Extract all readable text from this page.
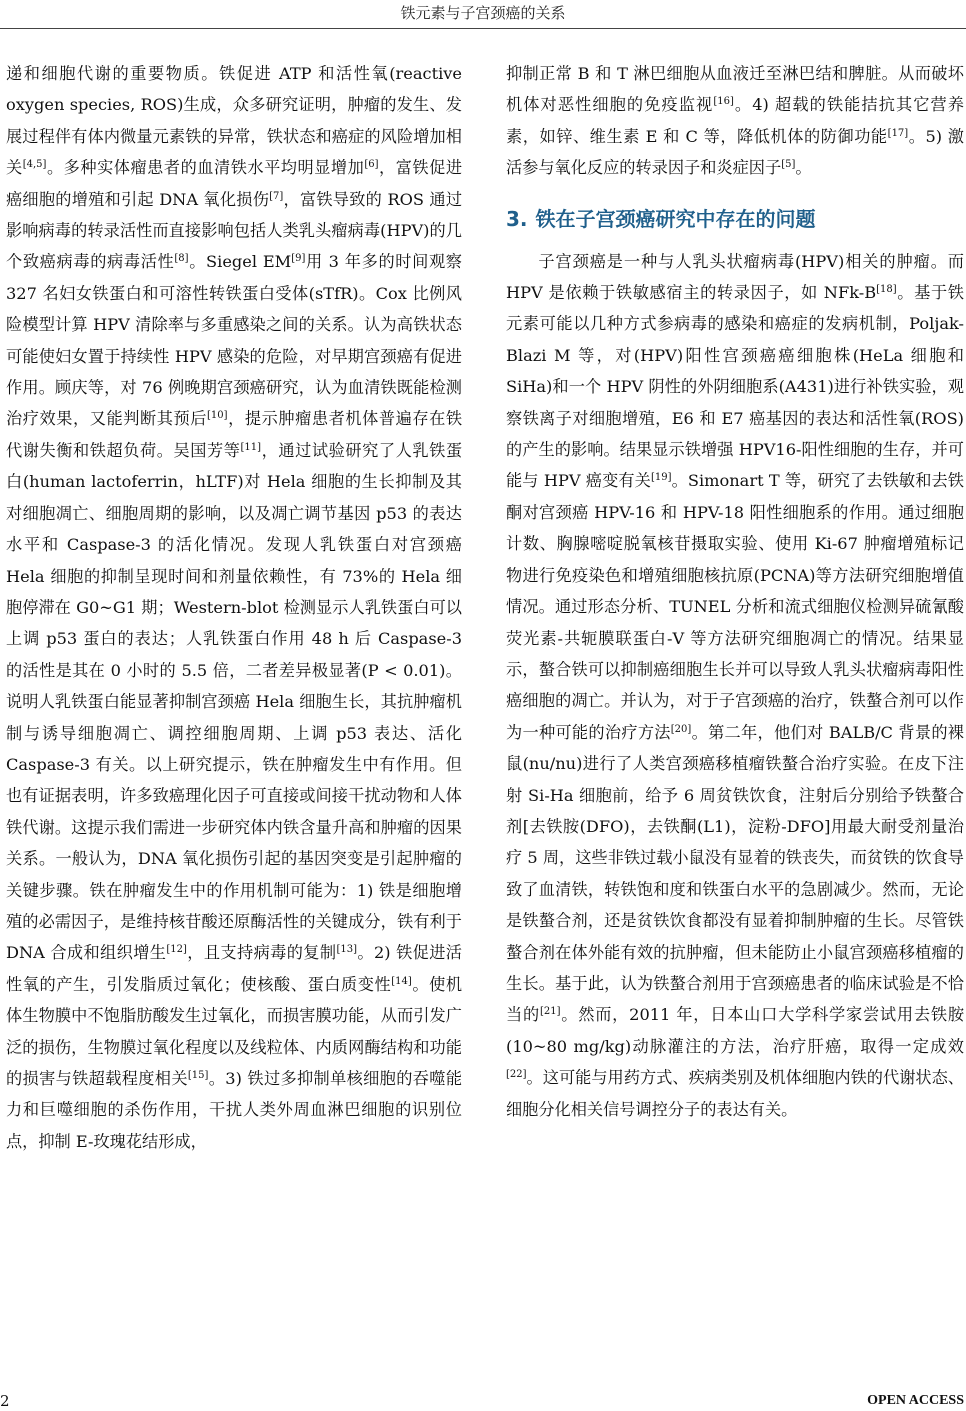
铁元素与子宫颈癌的关系

递和细胞代谢的重要物质。铁促进 ATP 和活性氧(reactive oxygen species, ROS)生成，众多研究证明，肿瘤的发生、发展过程伴有体内微量元素铁的异常，铁状态和癌症的风险增加相关[4,5]。多种实体瘤患者的血清铁水平均明显增加[6]，富铁促进癌细胞的增殖和引起 DNA 氧化损伤[7]，富铁导致的 ROS 通过影响病毒的转录活性而直接影响包括人类乳头瘤病毒(HPV)的几个致癌病毒的病毒活性[8]。Siegel EM[9]用 3 年多的时间观察 327 名妇女铁蛋白和可溶性转铁蛋白受体(sTfR)。Cox 比例风险模型计算 HPV 清除率与多重感染之间的关系。认为高铁状态可能使妇女置于持续性 HPV 感染的危险，对早期宫颈癌有促进作用。顾庆等，对 76 例晚期宫颈癌研究，认为血清铁既能检测治疗效果，又能判断其预后[10]，提示肿瘤患者机体普遍存在铁代谢失衡和铁超负荷。吴国芳等[11]，通过试验研究了人乳铁蛋白(human lactoferrin，hLTF)对 Hela 细胞的生长抑制及其对细胞凋亡、细胞周期的影响，以及凋亡调节基因 p53 的表达水平和 Caspase-3 的活化情况。发现人乳铁蛋白对宫颈癌 Hela 细胞的抑制呈现时间和剂量依赖性，有 73%的 Hela 细胞停滞在 G0~G1 期；Western-blot 检测显示人乳铁蛋白可以上调 p53 蛋白的表达；人乳铁蛋白作用 48 h 后 Caspase-3 的活性是其在 0 小时的 5.5 倍，二者差异极显著(P < 0.01)。说明人乳铁蛋白能显著抑制宫颈癌 Hela 细胞生长，其抗肿瘤机制与诱导细胞凋亡、调控细胞周期、上调 p53 表达、活化 Caspase-3 有关。以上研究提示，铁在肿瘤发生中有作用。但也有证据表明，许多致癌理化因子可直接或间接干扰动物和人体铁代谢。这提示我们需进一步研究体内铁含量升高和肿瘤的因果关系。一般认为，DNA 氧化损伤引起的基因突变是引起肿瘤的关键步骤。铁在肿瘤发生中的作用机制可能为：1) 铁是细胞增殖的必需因子，是维持核苷酸还原酶活性的关键成分，铁有利于 DNA 合成和组织增生[12]，且支持病毒的复制[13]。2) 铁促进活性氧的产生，引发脂质过氧化；使核酸、蛋白质变性[14]。使机体生物膜中不饱脂肪酸发生过氧化，而损害膜功能，从而引发广泛的损伤，生物膜过氧化程度以及线粒体、内质网酶结构和功能的损害与铁超载程度相关[15]。3) 铁过多抑制单核细胞的吞噬能力和巨噬细胞的杀伤作用，干扰人类外周血淋巴细胞的识别位点，抑制 E-玫瑰花结形成，

抑制正常 B 和 T 淋巴细胞从血液迁至淋巴结和脾脏。从而破坏机体对恶性细胞的免疫监视[16]。4) 超载的铁能拮抗其它营养素，如锌、维生素 E 和 C 等，降低机体的防御功能[17]。5) 激活参与氧化反应的转录因子和炎症因子[5]。

3. 铁在子宫颈癌研究中存在的问题

子宫颈癌是一种与人乳头状瘤病毒(HPV)相关的肿瘤。而 HPV 是依赖于铁敏感宿主的转录因子，如 NFk-B[18]。基于铁元素可能以几种方式参病毒的感染和癌症的发病机制，Poljak-Blazi M 等，对(HPV)阳性宫颈癌癌细胞株(HeLa 细胞和 SiHa)和一个 HPV 阴性的外阴细胞系(A431)进行补铁实验，观察铁离子对细胞增殖，E6 和 E7 癌基因的表达和活性氧(ROS)的产生的影响。结果显示铁增强 HPV16-阳性细胞的生存，并可能与 HPV 癌变有关[19]。Simonart T 等，研究了去铁敏和去铁酮对宫颈癌 HPV-16 和 HPV-18 阳性细胞系的作用。通过细胞计数、胸腺嘧啶脱氧核苷摄取实验、使用 Ki-67 肿瘤增殖标记物进行免疫染色和增殖细胞核抗原(PCNA)等方法研究细胞增值情况。通过形态分析、TUNEL 分析和流式细胞仪检测异硫氰酸荧光素-共轭膜联蛋白-V 等方法研究细胞凋亡的情况。结果显示，螯合铁可以抑制癌细胞生长并可以导致人乳头状瘤病毒阳性癌细胞的凋亡。并认为，对于子宫颈癌的治疗，铁螯合剂可以作为一种可能的治疗方法[20]。第二年，他们对 BALB/C 背景的裸鼠(nu/nu)进行了人类宫颈癌移植瘤铁螯合治疗实验。在皮下注射 Si-Ha 细胞前，给予 6 周贫铁饮食，注射后分别给予铁螯合剂[去铁胺(DFO)，去铁酮(L1)，淀粉-DFO]用最大耐受剂量治疗 5 周，这些非铁过载小鼠没有显着的铁丧失，而贫铁的饮食导致了血清铁，转铁饱和度和铁蛋白水平的急剧减少。然而，无论是铁螯合剂，还是贫铁饮食都没有显着抑制肿瘤的生长。尽管铁螯合剂在体外能有效的抗肿瘤，但未能防止小鼠宫颈癌移植瘤的生长。基于此，认为铁螯合剂用于宫颈癌患者的临床试验是不恰当的[21]。然而，2011 年，日本山口大学科学家尝试用去铁胺(10~80 mg/kg)动脉灌注的方法，治疗肝癌，取得一定成效[22]。这可能与用药方式、疾病类别及机体细胞内铁的代谢状态、细胞分化相关信号调控分子的表达有关。

2	OPEN ACCESS
